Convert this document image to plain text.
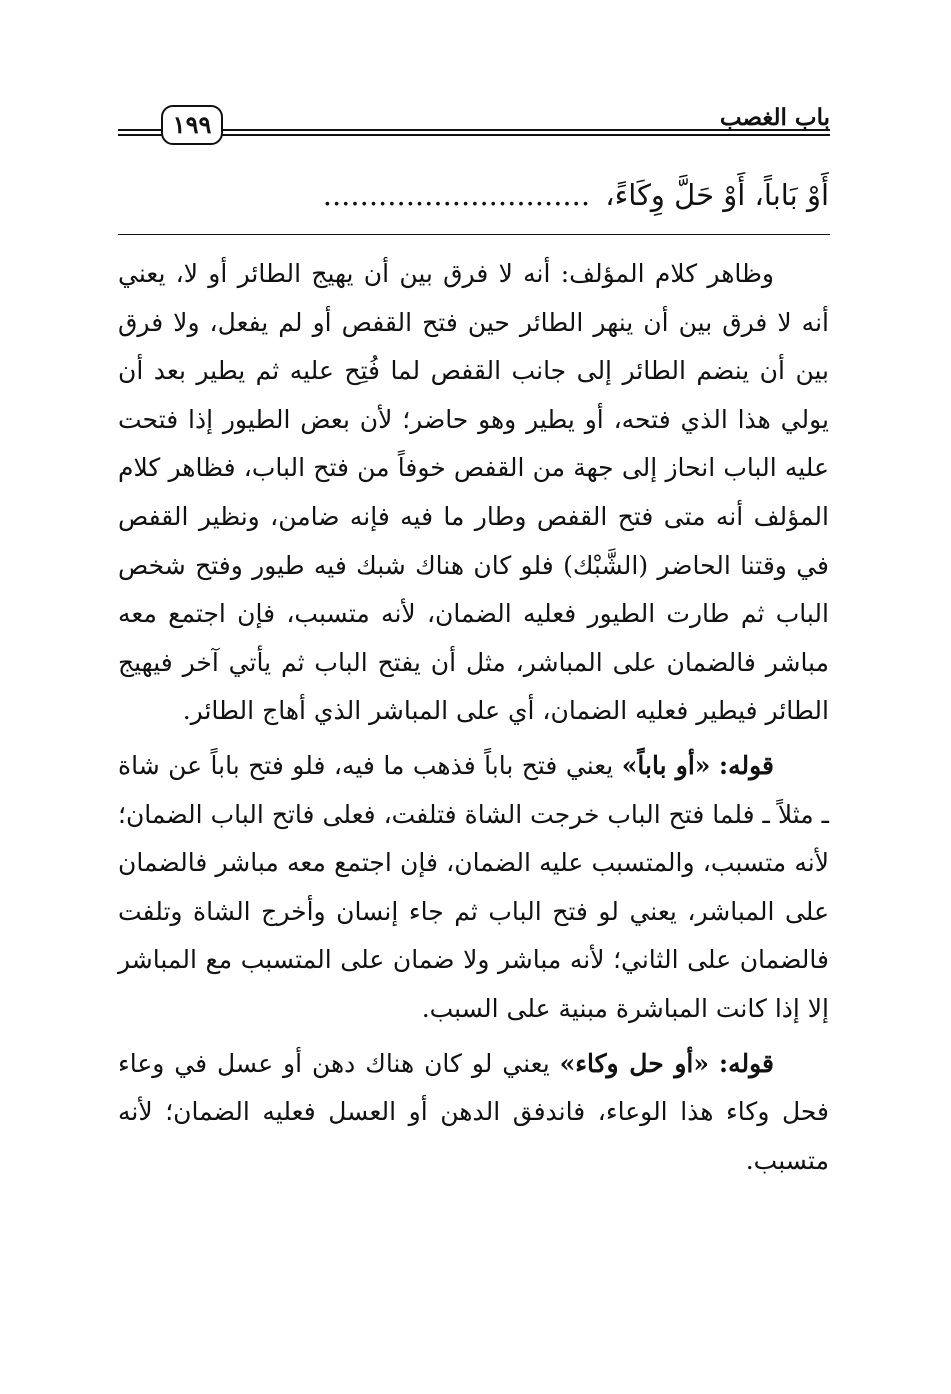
باب الغصب
١٩٩
أَوْ بَاباً، أَوْ حَلَّ وِكَاءً، .............................

وظاهر كلام المؤلف: أنه لا فرق بين أن يهيج الطائر أو لا، يعني أنه لا فرق بين أن ينهر الطائر حين فتح القفص أو لم يفعل، ولا فرق بين أن ينضم الطائر إلى جانب القفص لما فُتِح عليه ثم يطير بعد أن يولي هذا الذي فتحه، أو يطير وهو حاضر؛ لأن بعض الطيور إذا فتحت عليه الباب انحاز إلى جهة من القفص خوفاً من فتح الباب، فظاهر كلام المؤلف أنه متى فتح القفص وطار ما فيه فإنه ضامن، ونظير القفص في وقتنا الحاضر (الشَّبْك) فلو كان هناك شبك فيه طيور وفتح شخص الباب ثم طارت الطيور فعليه الضمان، لأنه متسبب، فإن اجتمع معه مباشر فالضمان على المباشر، مثل أن يفتح الباب ثم يأتي آخر فيهيج الطائر فيطير فعليه الضمان، أي على المباشر الذي أهاج الطائر.

قوله: «أو باباً» يعني فتح باباً فذهب ما فيه، فلو فتح باباً عن شاة ـ مثلاً ـ فلما فتح الباب خرجت الشاة فتلفت، فعلى فاتح الباب الضمان؛ لأنه متسبب، والمتسبب عليه الضمان، فإن اجتمع معه مباشر فالضمان على المباشر، يعني لو فتح الباب ثم جاء إنسان وأخرج الشاة وتلفت فالضمان على الثاني؛ لأنه مباشر ولا ضمان على المتسبب مع المباشر إلا إذا كانت المباشرة مبنية على السبب.

قوله: «أو حل وكاء» يعني لو كان هناك دهن أو عسل في وعاء فحل وكاء هذا الوعاء، فاندفق الدهن أو العسل فعليه الضمان؛ لأنه متسبب.
